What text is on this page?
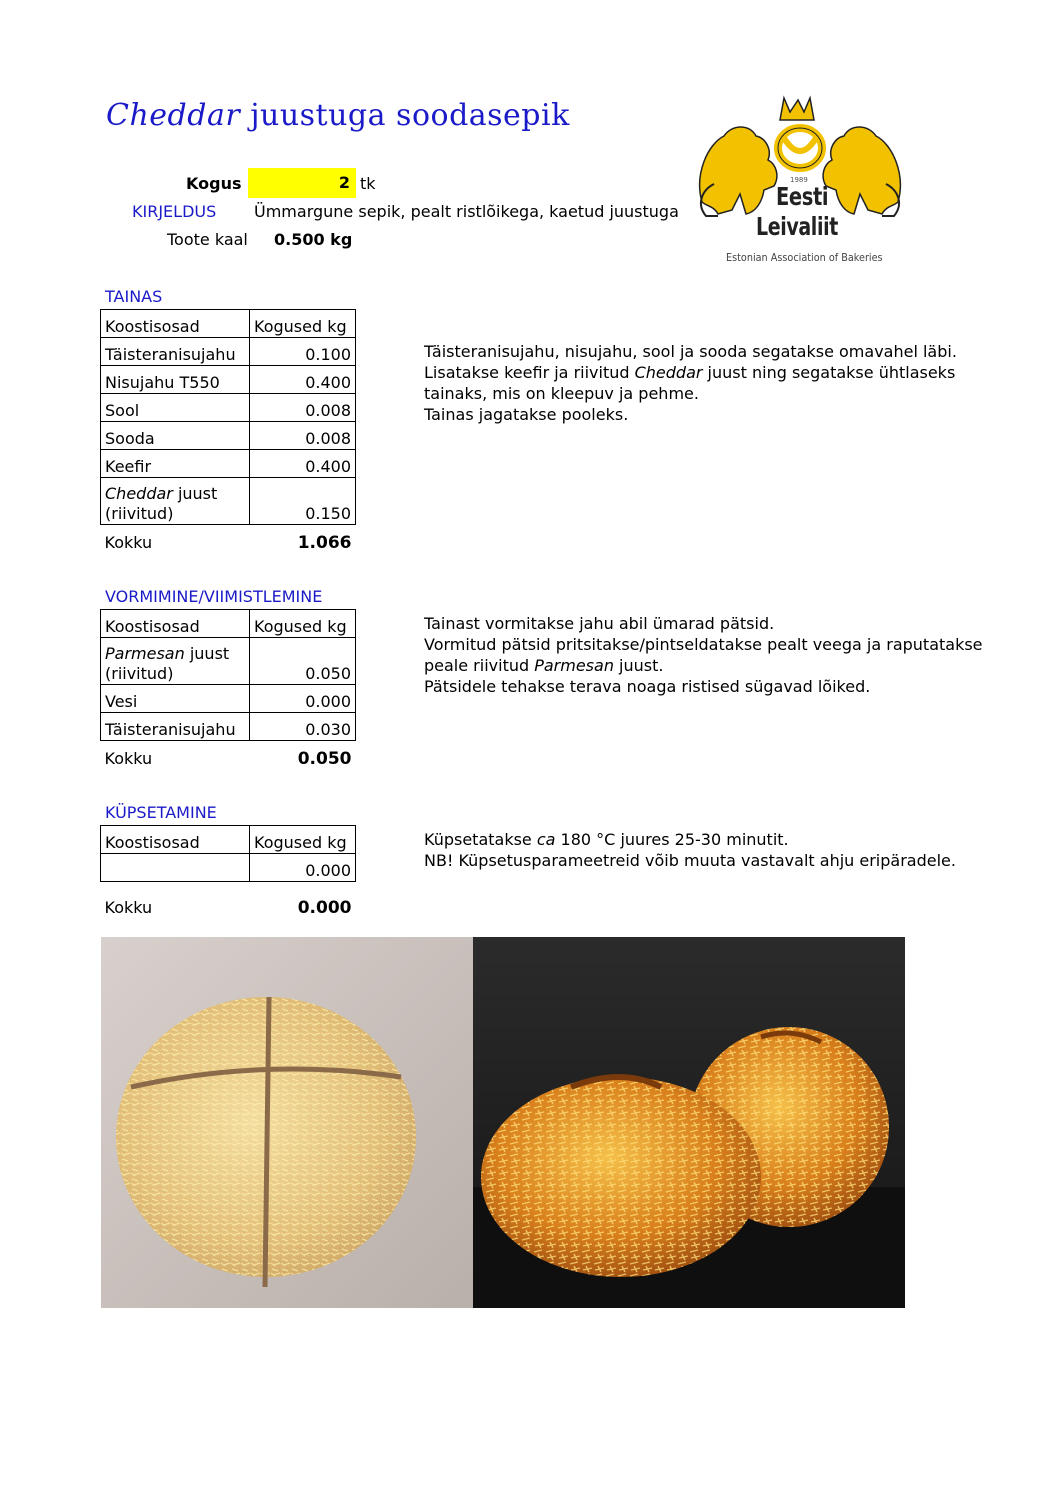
Cheddar juustuga soodasepik
Kogus	2 tk
KIRJELDUS Ümmargune sepik, pealt ristlõikega, kaetud juustuga
Toote kaal 0.500 kg
1989
Eesti
Leivaliit
Estonian Association of Bakeries
TAINAS
Koostisosad	Kogused kg
Täisteranisujahu	0.100
Nisujahu T550	0.400
Sool	0.008
Sooda	0.008
Keefir	0.400
Cheddar juust
(riivitud)	0.150
Kokku	1.066
Täisteranisujahu, nisujahu, sool ja sooda segatakse omavahel läbi.
Lisatakse keefir ja riivitud Cheddar juust ning segatakse ühtlaseks
tainaks, mis on kleepuv ja pehme.
Tainas jagatakse pooleks.
VORMIMINE/VIIMISTLEMINE
Koostisosad	Kogused kg
Parmesan juust
(riivitud)	0.050
Vesi	0.000
Täisteranisujahu	0.030
Kokku	0.050
Tainast vormitakse jahu abil ümarad pätsid.
Vormitud pätsid pritsitakse/pintseldatakse pealt veega ja raputatakse
peale riivitud Parmesan juust.
Pätsidele tehakse terava noaga ristised sügavad lõiked.
KÜPSETAMINE
Koostisosad	Kogused kg
	0.000
Kokku	0.000
Küpsetatakse ca 180 °C juures 25-30 minutit.
NB! Küpsetusparameetreid võib muuta vastavalt ahju eripäradele.
